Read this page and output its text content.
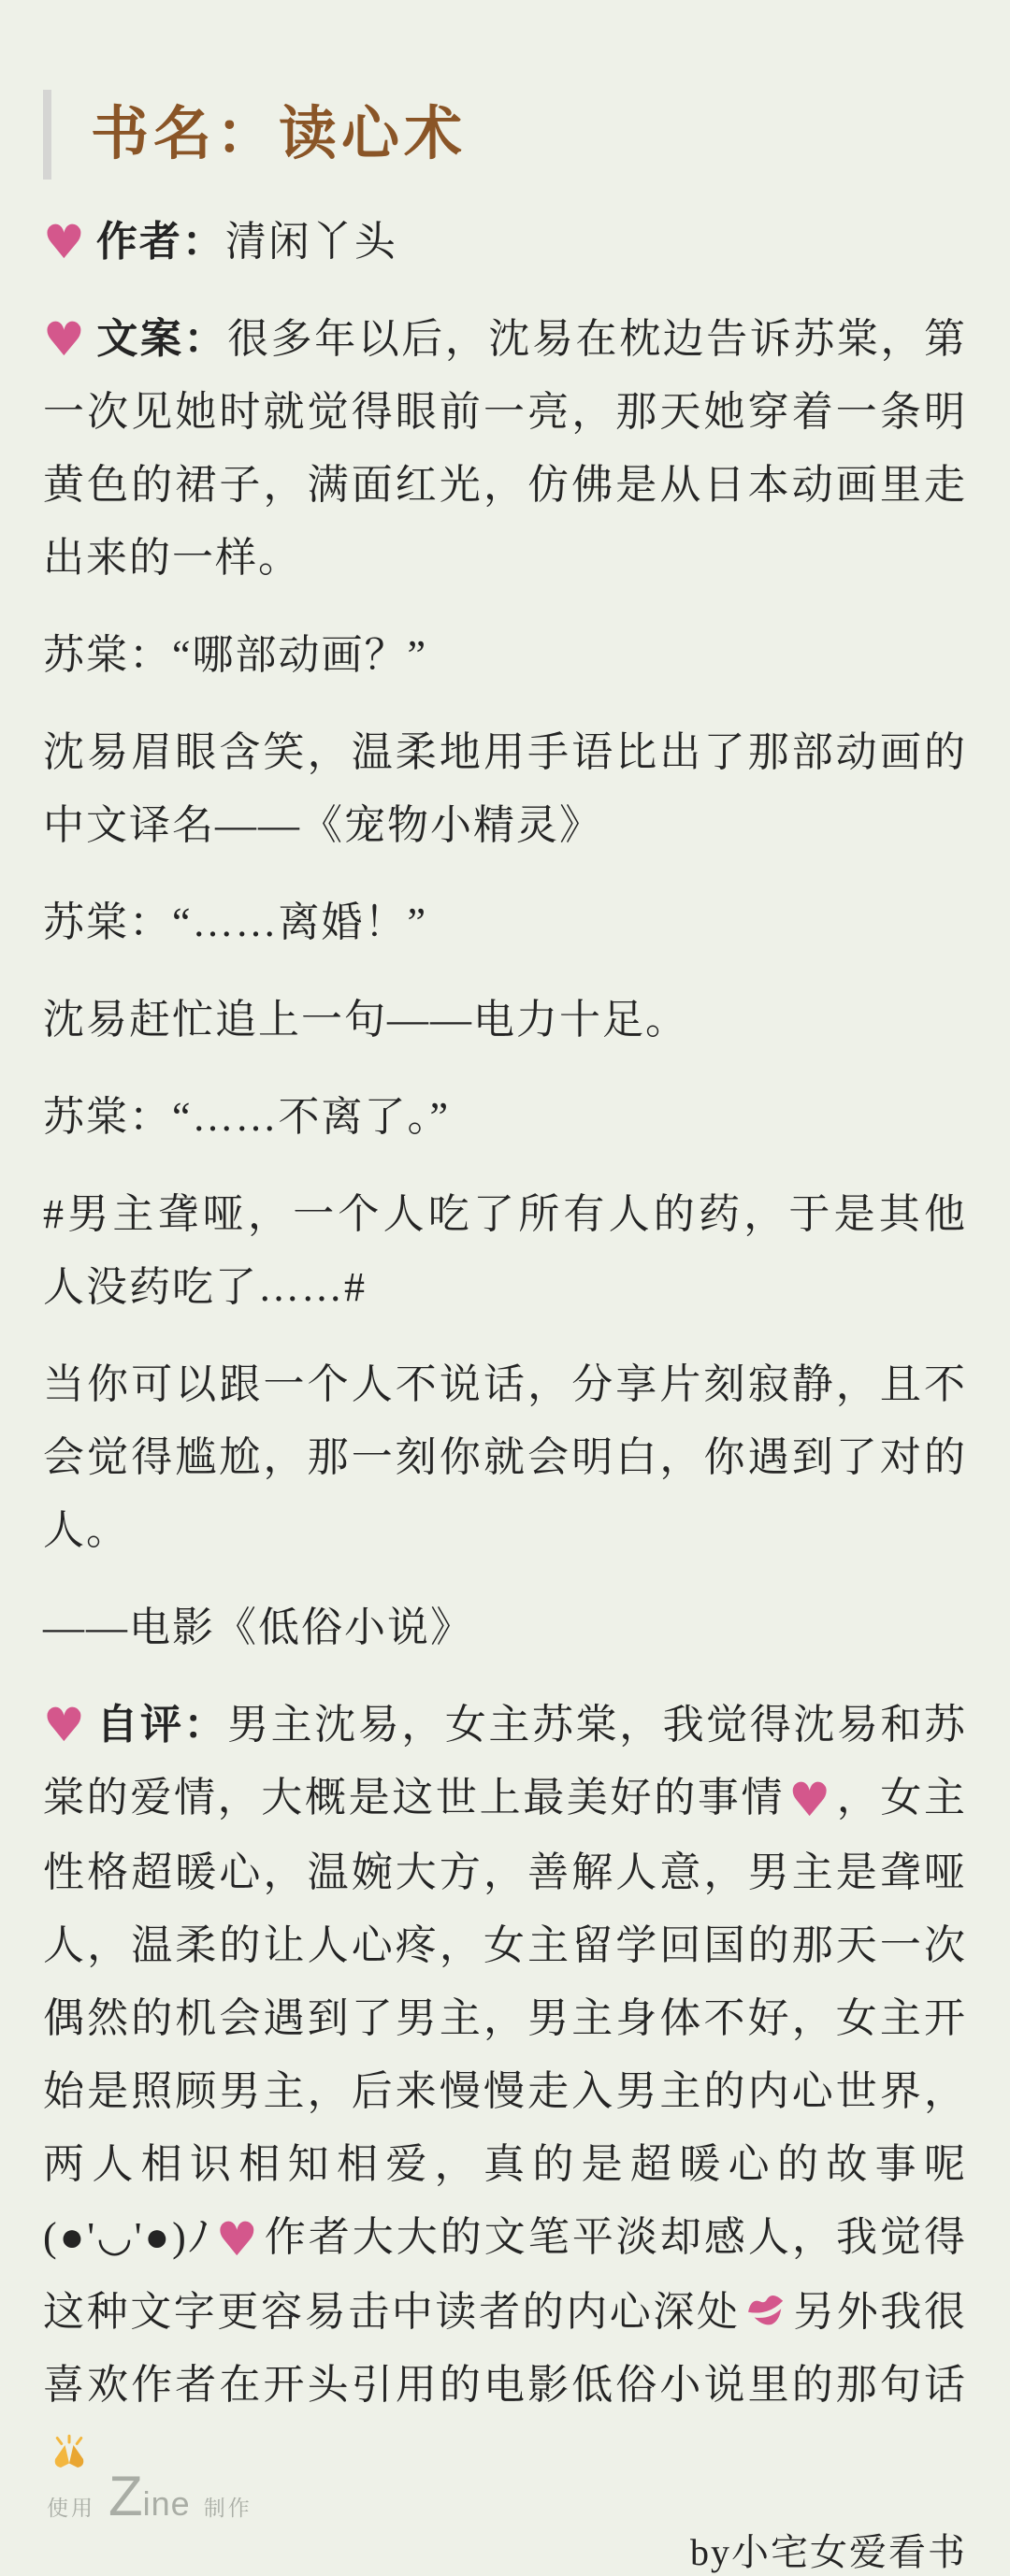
书名：读心术

♥ 作者：清闲丫头

♥ 文案：很多年以后，沈易在枕边告诉苏棠，第一次见她时就觉得眼前一亮，那天她穿着一条明黄色的裙子，满面红光，仿佛是从日本动画里走出来的一样。

苏棠：“哪部动画？”

沈易眉眼含笑，温柔地用手语比出了那部动画的中文译名——《宠物小精灵》

苏棠：“……离婚！”

沈易赶忙追上一句——电力十足。

苏棠：“……不离了。”

#男主聋哑，一个人吃了所有人的药，于是其他人没药吃了……#

当你可以跟一个人不说话，分享片刻寂静，且不会觉得尴尬，那一刻你就会明白，你遇到了对的人。

——电影《低俗小说》

♥ 自评：男主沈易，女主苏棠，我觉得沈易和苏棠的爱情，大概是这世上最美好的事情♥，女主性格超暖心，温婉大方，善解人意，男主是聋哑人，温柔的让人心疼，女主留学回国的那天一次偶然的机会遇到了男主，男主身体不好，女主开始是照顾男主，后来慢慢走入男主的内心世界，两人相识相知相爱，真的是超暖心的故事呢(●'◡'●)ﾉ♥作者大大的文笔平淡却感人，我觉得这种文字更容易击中读者的内心深处 另外我很喜欢作者在开头引用的电影低俗小说里的那句话

by小宅女爱看书
使用 Z ine 制作
